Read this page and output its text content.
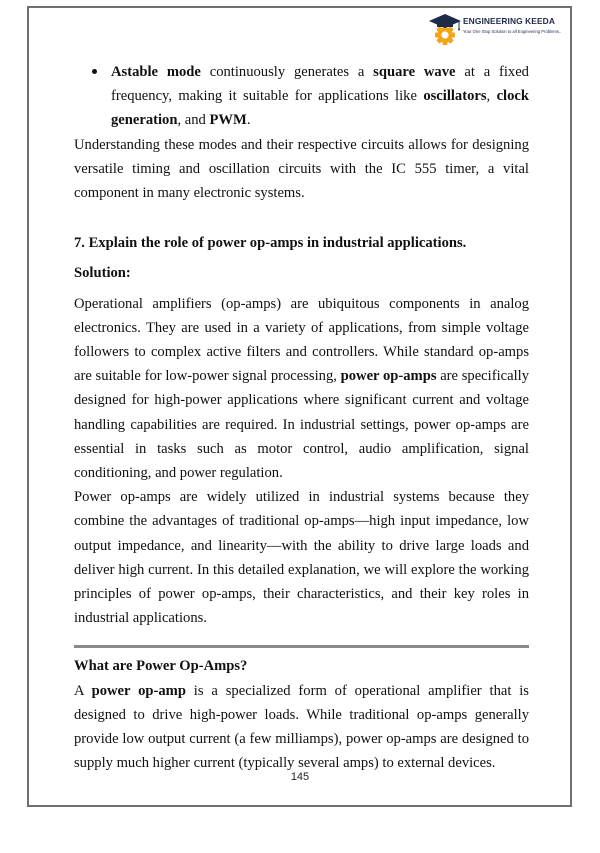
ENGINEERING KEEDA
Your One Stop Solution to all Engineering Problems..
Astable mode continuously generates a square wave at a fixed frequency, making it suitable for applications like oscillators, clock generation, and PWM.

Understanding these modes and their respective circuits allows for designing versatile timing and oscillation circuits with the IC 555 timer, a vital component in many electronic systems.

7. Explain the role of power op-amps in industrial applications.

Solution:

Operational amplifiers (op-amps) are ubiquitous components in analog electronics. They are used in a variety of applications, from simple voltage followers to complex active filters and controllers. While standard op-amps are suitable for low-power signal processing, power op-amps are specifically designed for high-power applications where significant current and voltage handling capabilities are required. In industrial settings, power op-amps are essential in tasks such as motor control, audio amplification, signal conditioning, and power regulation.

Power op-amps are widely utilized in industrial systems because they combine the advantages of traditional op-amps—high input impedance, low output impedance, and linearity—with the ability to drive large loads and deliver high current. In this detailed explanation, we will explore the working principles of power op-amps, their characteristics, and their key roles in industrial applications.

What are Power Op-Amps?

A power op-amp is a specialized form of operational amplifier that is designed to drive high-power loads. While traditional op-amps generally provide low output current (a few milliamps), power op-amps are designed to supply much higher current (typically several amps) to external devices.

145
